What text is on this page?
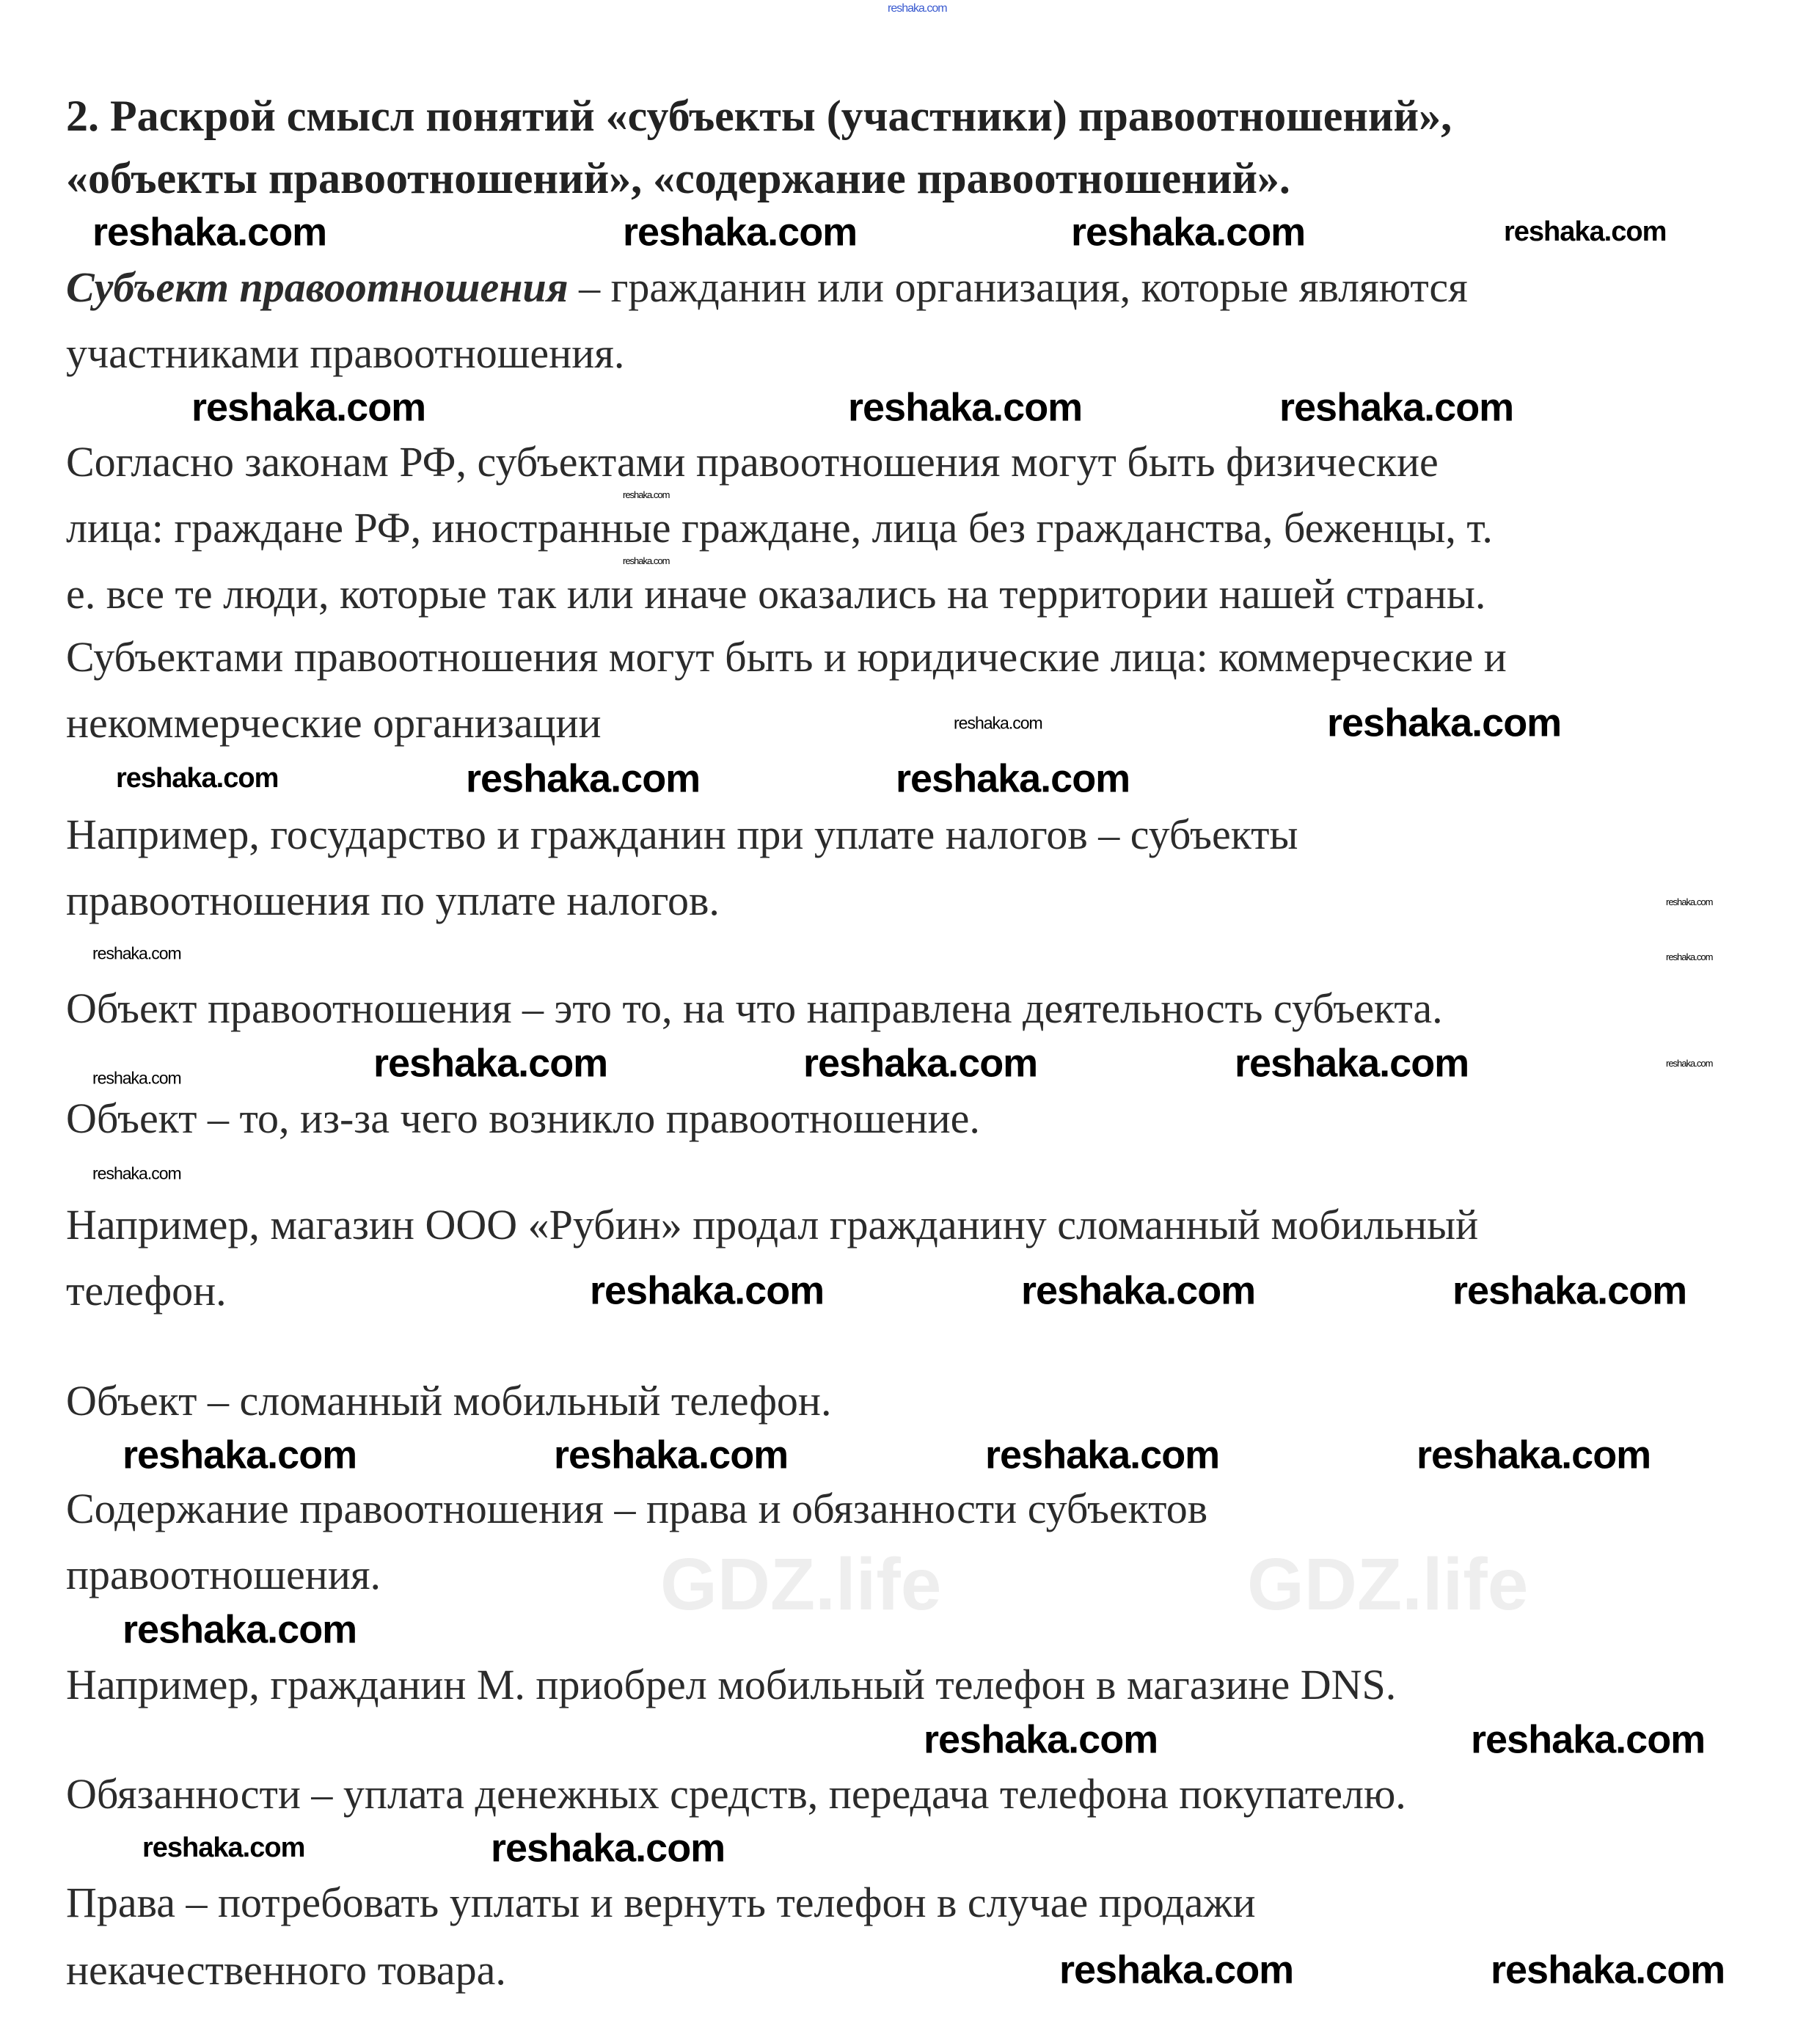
2. Раскрой смысл понятий «субъекты (участники) правоотношений»,
«объекты правоотношений», «содержание правоотношений».
Субъект правоотношения – гражданин или организация, которые являются
участниками правоотношения.
Согласно законам РФ, субъектами правоотношения могут быть физические
лица: граждане РФ, иностранные граждане, лица без гражданства, беженцы, т.
е. все те люди, которые так или иначе оказались на территории нашей страны.
Субъектами правоотношения могут быть и юридические лица: коммерческие и
некоммерческие организации
Например, государство и гражданин при уплате налогов – субъекты
правоотношения по уплате налогов.
Объект правоотношения – это то, на что направлена деятельность субъекта.
Объект – то, из-за чего возникло правоотношение.
Например, магазин ООО «Рубин» продал гражданину сломанный мобильный
телефон.
Объект – сломанный мобильный телефон.
Содержание правоотношения – права и обязанности субъектов
правоотношения.
Например, гражданин М. приобрел мобильный телефон в магазине DNS.
Обязанности – уплата денежных средств, передача телефона покупателю.
Права – потребовать уплаты и вернуть телефон в случае продажи
некачественного товара.
GDZ.life	GDZ.life
reshaka.com
reshaka.com	reshaka.com	reshaka.com	reshaka.com
reshaka.com	reshaka.com	reshaka.com
reshaka.com
reshaka.com
reshaka.com	reshaka.com
reshaka.com	reshaka.com	reshaka.com
reshaka.com
reshaka.com
reshaka.com
reshaka.com	reshaka.com	reshaka.com	reshaka.com
reshaka.com
reshaka.com
reshaka.com	reshaka.com	reshaka.com
reshaka.com	reshaka.com	reshaka.com	reshaka.com
reshaka.com
reshaka.com	reshaka.com
reshaka.com	reshaka.com
reshaka.com	reshaka.com
